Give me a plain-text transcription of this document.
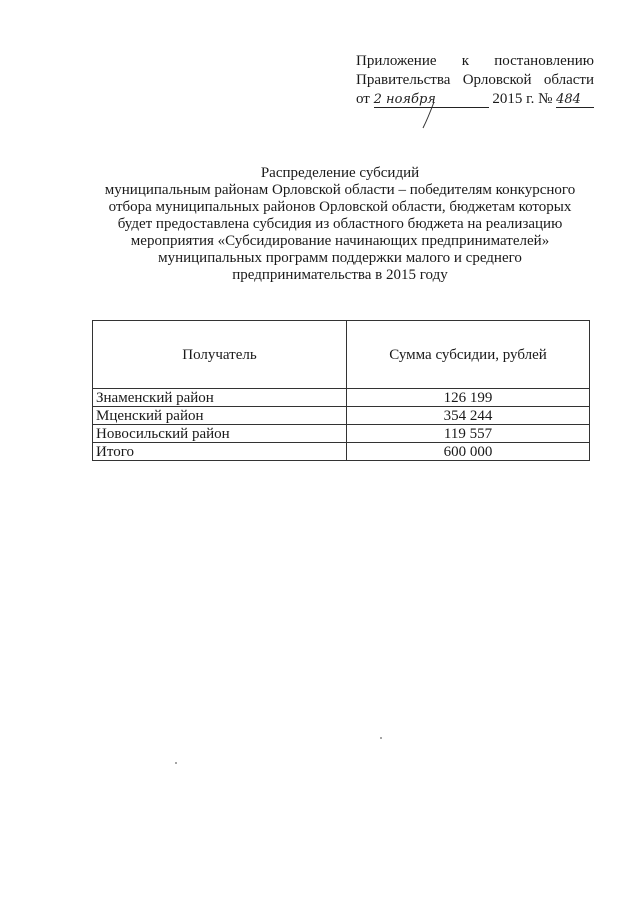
Приложение к постановлению
Правительства Орловской области
от 2 ноября	2015 г. № 484
Распределение субсидий
муниципальным районам Орловской области – победителям конкурсного
отбора муниципальных районов Орловской области, бюджетам которых
будет предоставлена субсидия из областного бюджета на реализацию
мероприятия «Субсидирование начинающих предпринимателей»
муниципальных программ поддержки малого и среднего
предпринимательства в 2015 году
Получатель	Сумма субсидии, рублей
Знаменский район	126 199
Мценский район	354 244
Новосильский район	119 557
Итого	600 000
